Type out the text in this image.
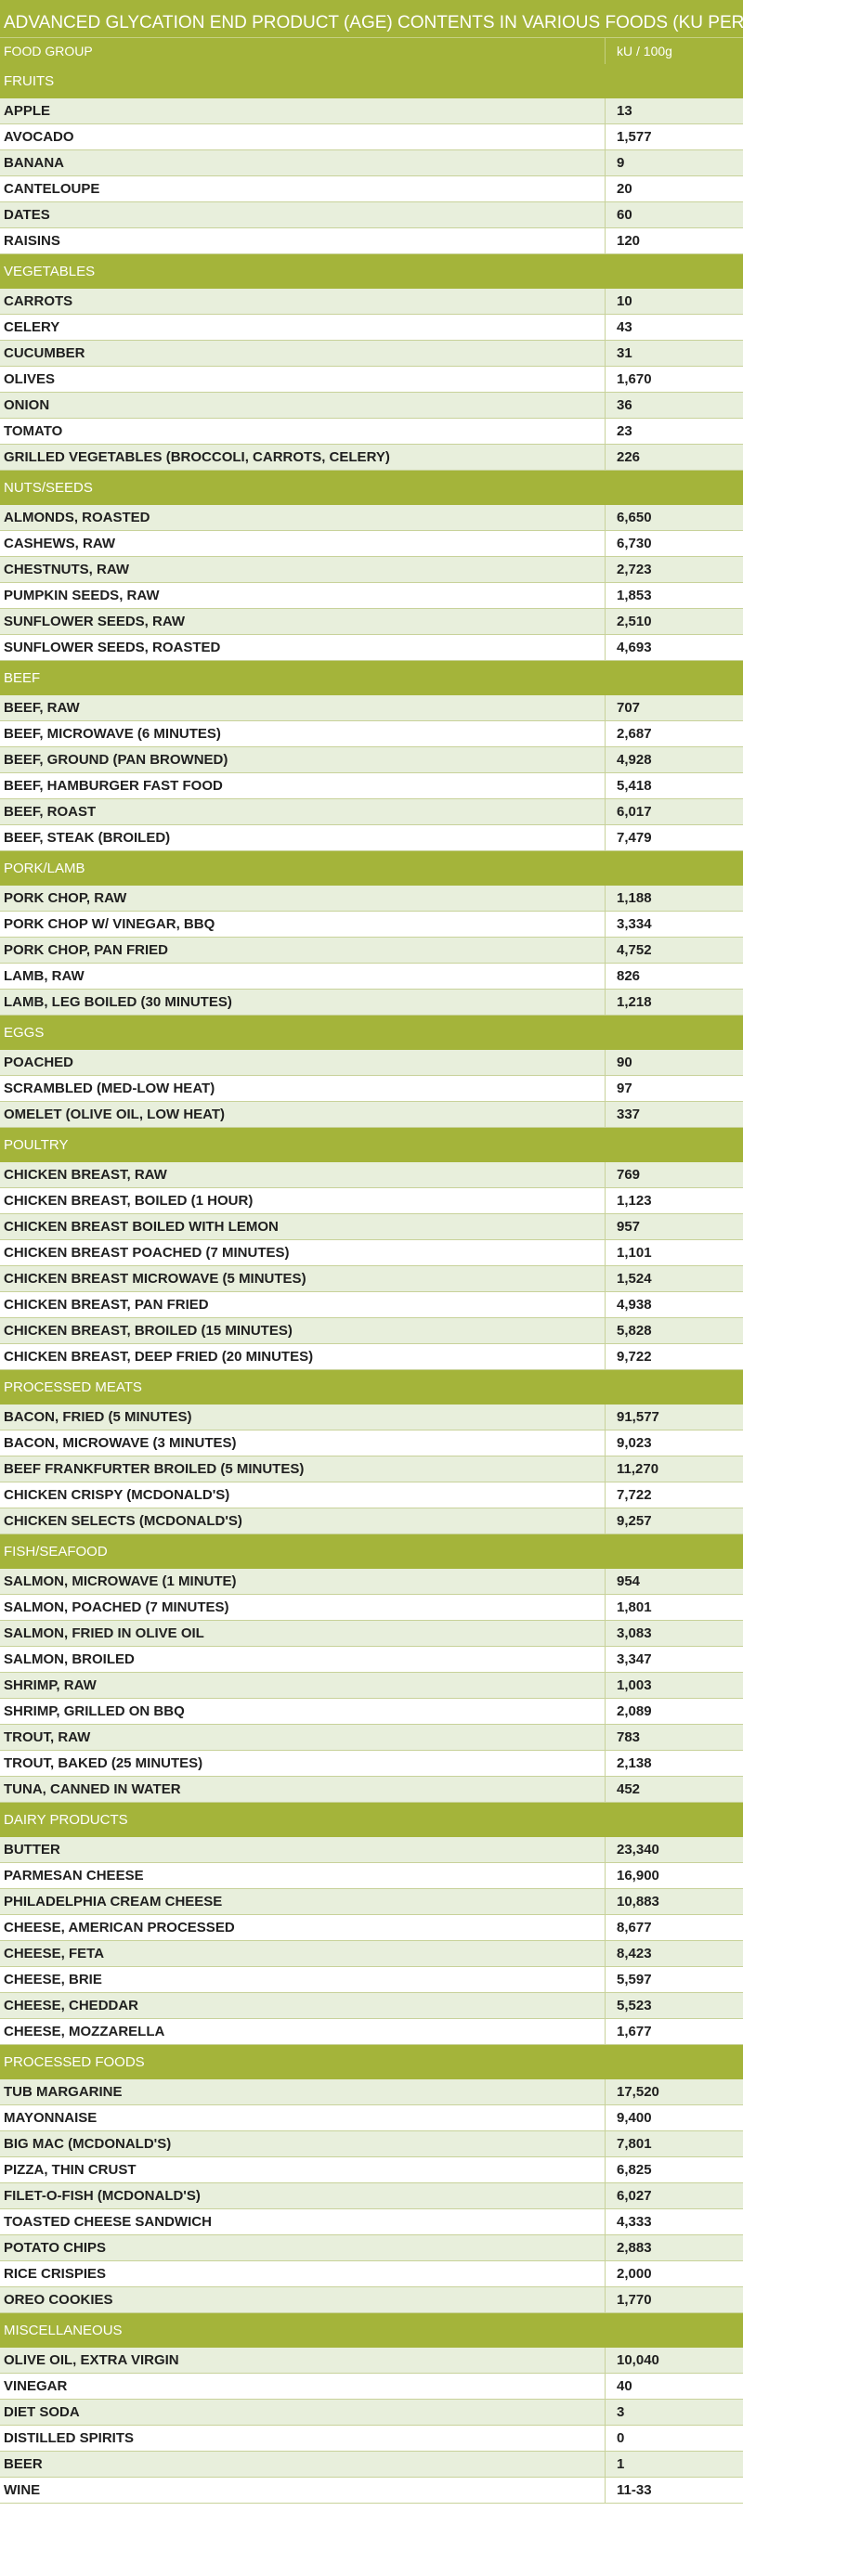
ADVANCED GLYCATION END PRODUCT (AGE) CONTENTS IN VARIOUS FOODS (KU PER 100 GRAMS)$^7$
FOOD GROUP	kU / 100g
FRUITS
APPLE	13
AVOCADO	1,577
BANANA	9
CANTELOUPE	20
DATES	60
RAISINS	120
VEGETABLES
CARROTS	10
CELERY	43
CUCUMBER	31
OLIVES	1,670
ONION	36
TOMATO	23
GRILLED VEGETABLES (BROCCOLI, CARROTS, CELERY)	226
NUTS/SEEDS
ALMONDS, ROASTED	6,650
CASHEWS, RAW	6,730
CHESTNUTS, RAW	2,723
PUMPKIN SEEDS, RAW	1,853
SUNFLOWER SEEDS, RAW	2,510
SUNFLOWER SEEDS, ROASTED	4,693
BEEF
BEEF, RAW	707
BEEF, MICROWAVE (6 MINUTES)	2,687
BEEF, GROUND (PAN BROWNED)	4,928
BEEF, HAMBURGER FAST FOOD	5,418
BEEF, ROAST	6,017
BEEF, STEAK (BROILED)	7,479
PORK/LAMB
PORK CHOP, RAW	1,188
PORK CHOP W/ VINEGAR, BBQ	3,334
PORK CHOP, PAN FRIED	4,752
LAMB, RAW	826
LAMB, LEG BOILED (30 MINUTES)	1,218
EGGS
POACHED	90
SCRAMBLED (MED-LOW HEAT)	97
OMELET (OLIVE OIL, LOW HEAT)	337
POULTRY
CHICKEN BREAST, RAW	769
CHICKEN BREAST, BOILED (1 HOUR)	1,123
CHICKEN BREAST BOILED WITH LEMON	957
CHICKEN BREAST POACHED (7 MINUTES)	1,101
CHICKEN BREAST MICROWAVE (5 MINUTES)	1,524
CHICKEN BREAST, PAN FRIED	4,938
CHICKEN BREAST, BROILED (15 MINUTES)	5,828
CHICKEN BREAST, DEEP FRIED (20 MINUTES)	9,722
PROCESSED MEATS
BACON, FRIED (5 MINUTES)	91,577
BACON, MICROWAVE (3 MINUTES)	9,023
BEEF FRANKFURTER BROILED (5 MINUTES)	11,270
CHICKEN CRISPY (MCDONALD'S)	7,722
CHICKEN SELECTS (MCDONALD'S)	9,257
FISH/SEAFOOD
SALMON, MICROWAVE (1 MINUTE)	954
SALMON, POACHED (7 MINUTES)	1,801
SALMON, FRIED IN OLIVE OIL	3,083
SALMON, BROILED	3,347
SHRIMP, RAW	1,003
SHRIMP, GRILLED ON BBQ	2,089
TROUT, RAW	783
TROUT, BAKED (25 MINUTES)	2,138
TUNA, CANNED IN WATER	452
DAIRY PRODUCTS
BUTTER	23,340
PARMESAN CHEESE	16,900
PHILADELPHIA CREAM CHEESE	10,883
CHEESE, AMERICAN PROCESSED	8,677
CHEESE, FETA	8,423
CHEESE, BRIE	5,597
CHEESE, CHEDDAR	5,523
CHEESE, MOZZARELLA	1,677
PROCESSED FOODS
TUB MARGARINE	17,520
MAYONNAISE	9,400
BIG MAC (MCDONALD'S)	7,801
PIZZA, THIN CRUST	6,825
FILET-O-FISH (MCDONALD'S)	6,027
TOASTED CHEESE SANDWICH	4,333
POTATO CHIPS	2,883
RICE CRISPIES	2,000
OREO COOKIES	1,770
MISCELLANEOUS
OLIVE OIL, EXTRA VIRGIN	10,040
VINEGAR	40
DIET SODA	3
DISTILLED SPIRITS	0
BEER	1
WINE	11-33
